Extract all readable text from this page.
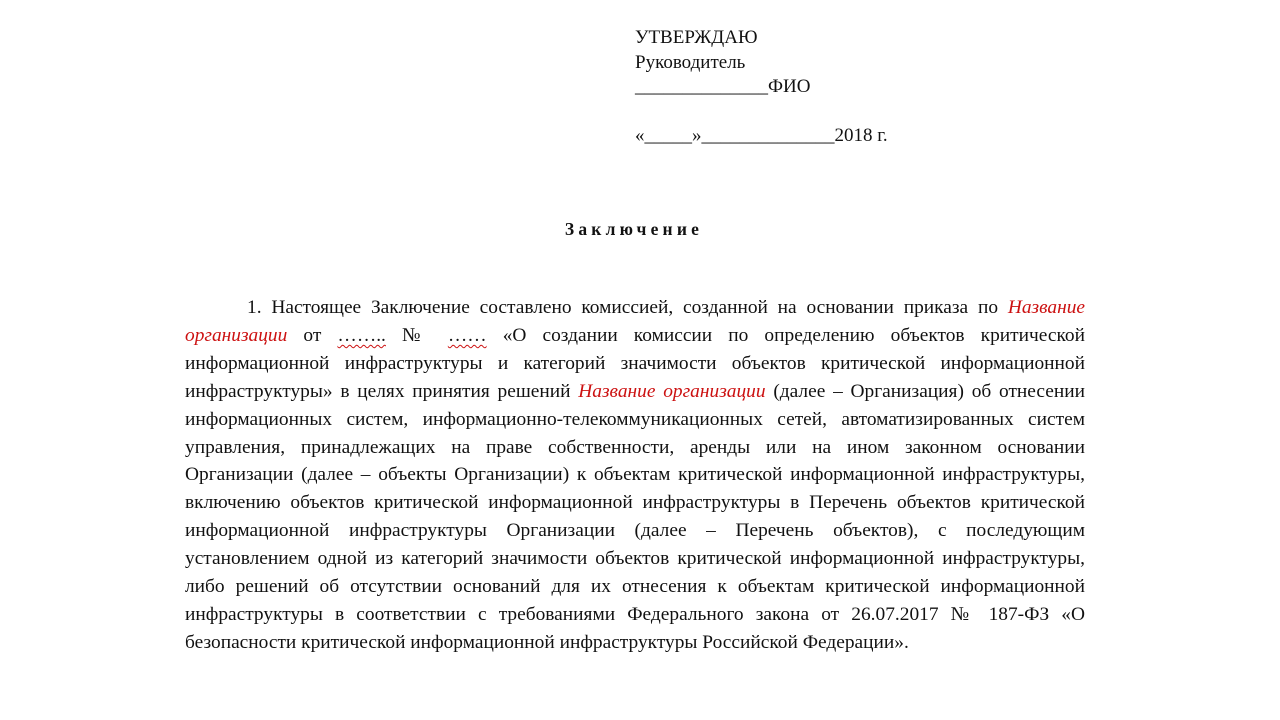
УТВЕРЖДАЮ
Руководитель
______________ФИО
«_____»______________2018 г.
Заключение

1. Настоящее Заключение составлено комиссией, созданной на основании приказа по Название организации от …….. № …… «О создании комиссии по определению объектов критической информационной инфраструктуры и категорий значимости объектов критической информационной инфраструктуры» в целях принятия решений Название организации (далее – Организация) об отнесении информационных систем, информационно-телекоммуникационных сетей, автоматизированных систем управления, принадлежащих на праве собственности, аренды или на ином законном основании Организации (далее – объекты Организации) к объектам критической информационной инфраструктуры, включению объектов критической информационной инфраструктуры в Перечень объектов критической информационной инфраструктуры Организации (далее – Перечень объектов), с последующим установлением одной из категорий значимости объектов критической информационной инфраструктуры, либо решений об отсутствии оснований для их отнесения к объектам критической информационной инфраструктуры в соответствии с требованиями Федерального закона от 26.07.2017 № 187-ФЗ «О безопасности критической информационной инфраструктуры Российской Федерации».
